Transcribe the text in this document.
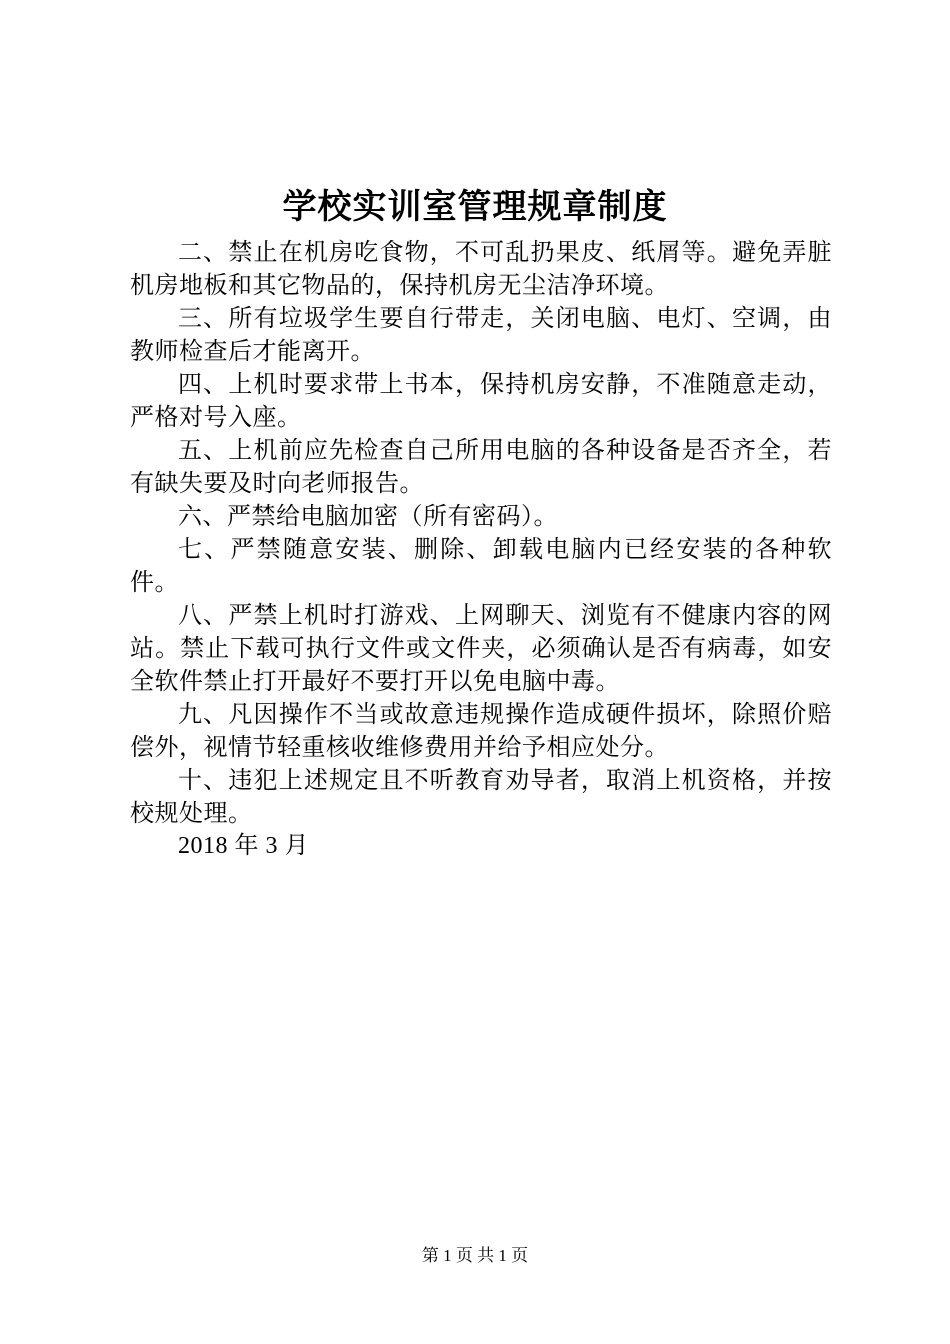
学校实训室管理规章制度

二、禁止在机房吃食物，不可乱扔果皮、纸屑等。避免弄脏机房地板和其它物品的，保持机房无尘洁净环境。

三、所有垃圾学生要自行带走，关闭电脑、电灯、空调，由教师检查后才能离开。

四、上机时要求带上书本，保持机房安静，不准随意走动，严格对号入座。

五、上机前应先检查自己所用电脑的各种设备是否齐全，若有缺失要及时向老师报告。

六、严禁给电脑加密（所有密码）。

七、严禁随意安装、删除、卸载电脑内已经安装的各种软件。

八、严禁上机时打游戏、上网聊天、浏览有不健康内容的网站。禁止下载可执行文件或文件夹，必须确认是否有病毒，如安全软件禁止打开最好不要打开以免电脑中毒。

九、凡因操作不当或故意违规操作造成硬件损坏，除照价赔偿外，视情节轻重核收维修费用并给予相应处分。

十、违犯上述规定且不听教育劝导者，取消上机资格，并按校规处理。

2018 年 3 月

第 1 页 共 1 页
